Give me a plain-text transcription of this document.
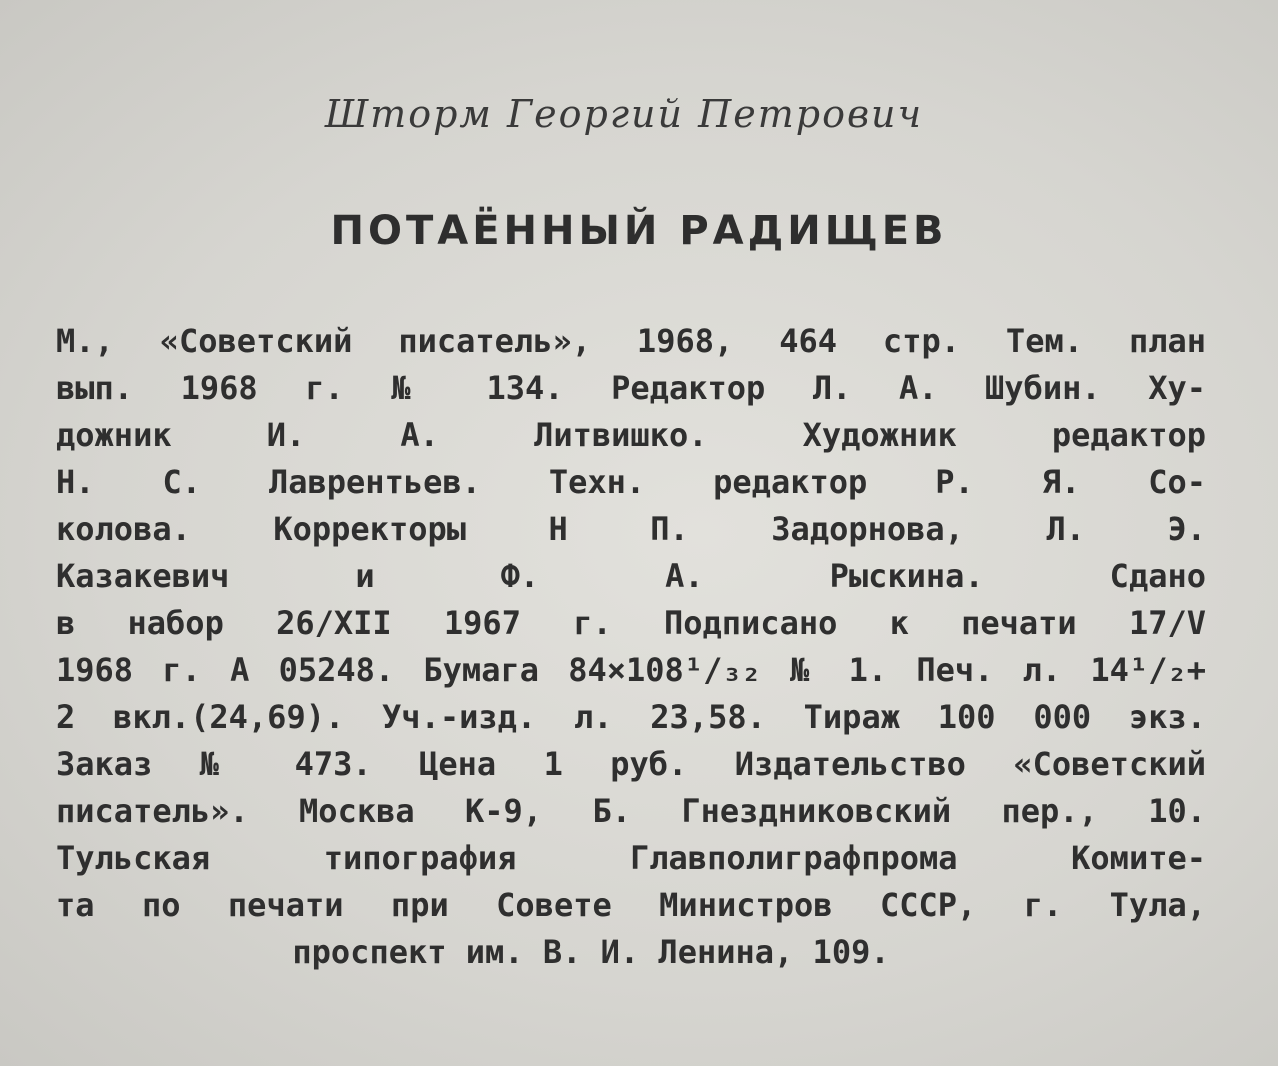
Шторм Георгий Петрович
ПОТАЁННЫЙ РАДИЩЕВ
М., «Советский писатель», 1968, 464 стр. Тем. план
вып. 1968 г. № 134. Редактор Л. А. Шубин. Ху-
дожник И. А. Литвишко. Художник редактор
Н. С. Лаврентьев. Техн. редактор Р. Я. Со-
колова. Корректоры Н П. Задорнова, Л. Э.
Казакевич и Ф. А. Рыскина. Сдано
в набор 26/XII 1967 г. Подписано к печати 17/V
1968 г. А 05248. Бумага 84×108¹/₃₂ № 1. Печ. л. 14¹/₂+
2 вкл.(24,69). Уч.-изд. л. 23,58. Тираж 100 000 экз.
Заказ № 473. Цена 1 руб. Издательство «Советский
писатель». Москва К-9, Б. Гнездниковский пер., 10.
Тульская типография Главполиграфпрома Комите-
та по печати при Совете Министров СССР, г. Тула,
проспект им. В. И. Ленина, 109.
